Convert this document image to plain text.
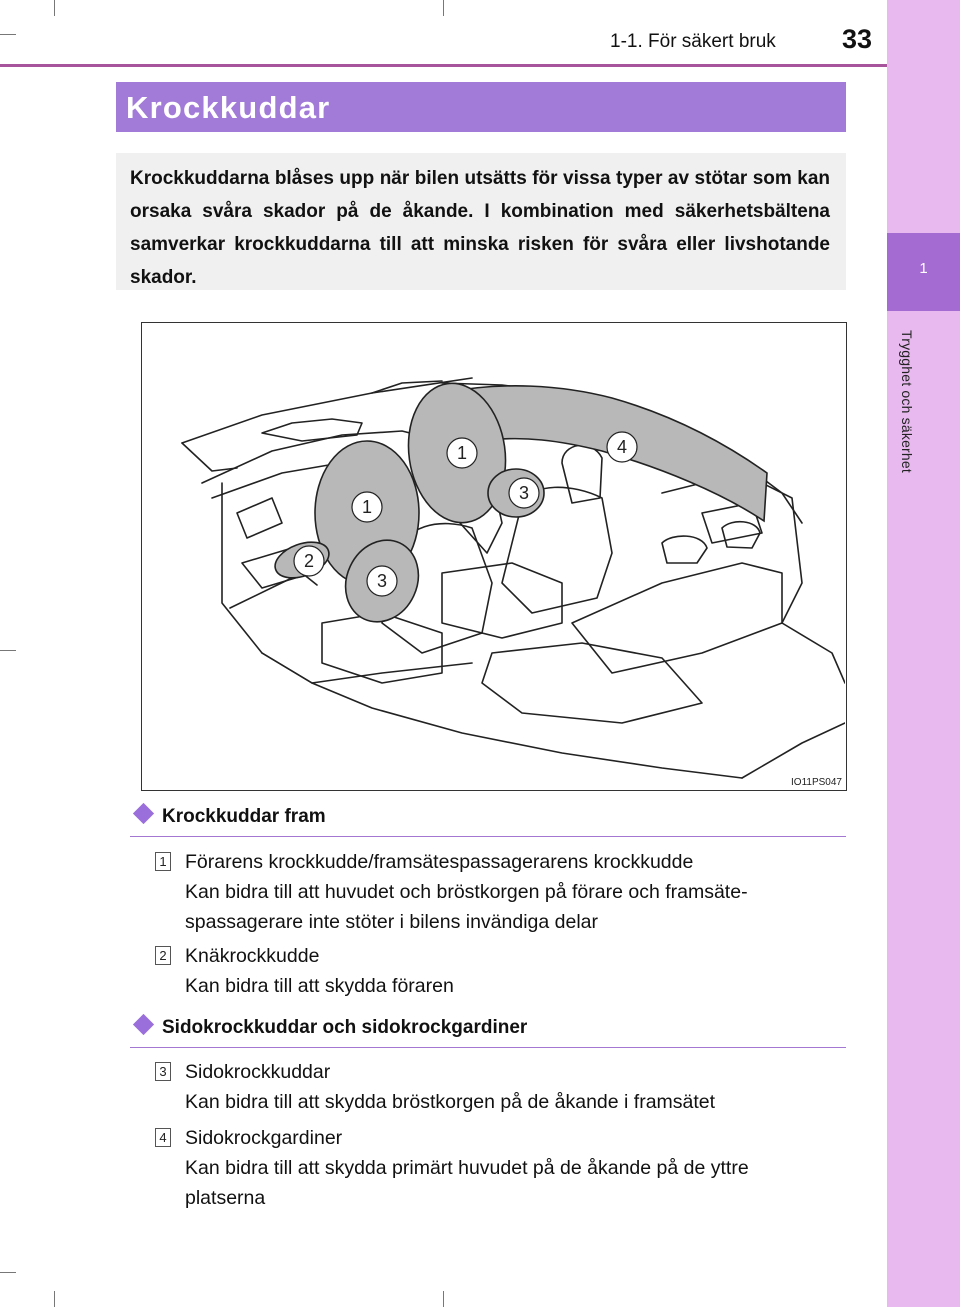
1-1. För säkert bruk 33
1
Trygghet och säkerhet
Krockkuddar

Krockkuddarna blåses upp när bilen utsätts för vissa typer av stötar som kan orsaka svåra skador på de åkande. I kombination med säkerhetsbältena samverkar krockkuddarna till att minska risken för svåra eller livshotande skador.

1
1
2
3
3
4
IO11PS047
Krockkuddar fram
1 Förarens krockkudde/framsätespassagerarens krockkudde
Kan bidra till att huvudet och bröstkorgen på förare och framsäte-
spassagerare inte stöter i bilens invändiga delar
2 Knäkrockkudde
Kan bidra till att skydda föraren
Sidokrockkuddar och sidokrockgardiner
3 Sidokrockkuddar
Kan bidra till att skydda bröstkorgen på de åkande i framsätet
4 Sidokrockgardiner
Kan bidra till att skydda primärt huvudet på de åkande på de yttre
platserna
